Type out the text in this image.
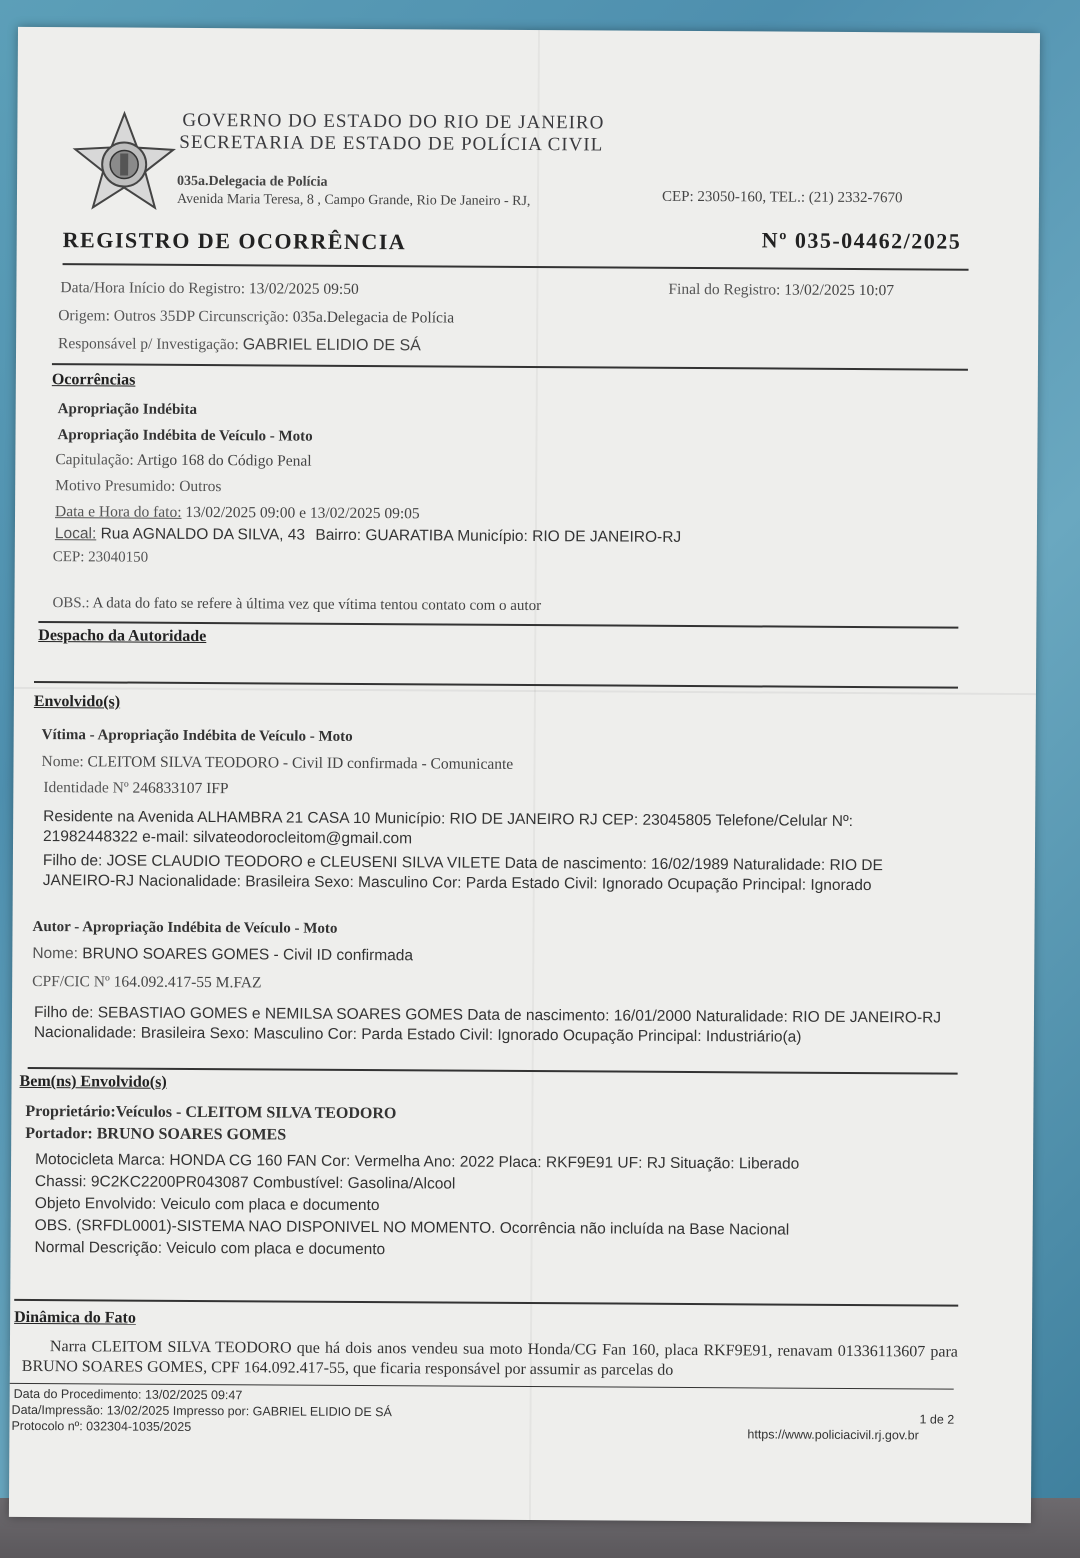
GOVERNO DO ESTADO DO RIO DE JANEIRO
SECRETARIA DE ESTADO DE POLÍCIA CIVIL
035a.Delegacia de Polícia
Avenida Maria Teresa, 8 , Campo Grande, Rio De Janeiro - RJ,	CEP: 23050-160, TEL.: (21) 2332-7670
REGISTRO DE OCORRÊNCIA	Nº 035-04462/2025
Data/Hora Início do Registro: 13/02/2025 09:50	Final do Registro: 13/02/2025 10:07
Origem: Outros 35DP Circunscrição: 035a.Delegacia de Polícia
Responsável p/ Investigação: GABRIEL ELIDIO DE SÁ
Ocorrências
Apropriação Indébita
Apropriação Indébita de Veículo - Moto
Capitulação: Artigo 168 do Código Penal
Motivo Presumido: Outros
Data e Hora do fato: 13/02/2025 09:00 e 13/02/2025 09:05
Local: Rua AGNALDO DA SILVA, 43 Bairro: GUARATIBA Município: RIO DE JANEIRO-RJ
CEP: 23040150
OBS.: A data do fato se refere à última vez que vítima tentou contato com o autor
Despacho da Autoridade
Envolvido(s)
Vítima - Apropriação Indébita de Veículo - Moto
Nome: CLEITOM SILVA TEODORO - Civil ID confirmada - Comunicante
Identidade Nº 246833107 IFP
Residente na Avenida ALHAMBRA 21 CASA 10 Município: RIO DE JANEIRO RJ CEP: 23045805 Telefone/Celular Nº: 21982448322 e-mail: silvateodorocleitom@gmail.com
Filho de: JOSE CLAUDIO TEODORO e CLEUSENI SILVA VILETE Data de nascimento: 16/02/1989 Naturalidade: RIO DE JANEIRO-RJ Nacionalidade: Brasileira Sexo: Masculino Cor: Parda Estado Civil: Ignorado Ocupação Principal: Ignorado
Autor - Apropriação Indébita de Veículo - Moto
Nome: BRUNO SOARES GOMES - Civil ID confirmada
CPF/CIC Nº 164.092.417-55 M.FAZ
Filho de: SEBASTIAO GOMES e NEMILSA SOARES GOMES Data de nascimento: 16/01/2000 Naturalidade: RIO DE JANEIRO-RJ Nacionalidade: Brasileira Sexo: Masculino Cor: Parda Estado Civil: Ignorado Ocupação Principal: Industriário(a)
Bem(ns) Envolvido(s)
Proprietário:Veículos - CLEITOM SILVA TEODORO
Portador: BRUNO SOARES GOMES
Motocicleta Marca: HONDA CG 160 FAN Cor: Vermelha Ano: 2022 Placa: RKF9E91 UF: RJ Situação: Liberado
Chassi: 9C2KC2200PR043087 Combustível: Gasolina/Alcool
Objeto Envolvido: Veiculo com placa e documento
OBS. (SRFDL0001)-SISTEMA NAO DISPONIVEL NO MOMENTO. Ocorrência não incluída na Base Nacional
Normal Descrição: Veiculo com placa e documento
Dinâmica do Fato
Narra CLEITOM SILVA TEODORO que há dois anos vendeu sua moto Honda/CG Fan 160, placa RKF9E91, renavam 01336113607 para BRUNO SOARES GOMES, CPF 164.092.417-55, que ficaria responsável por assumir as parcelas do
Data do Procedimento: 13/02/2025 09:47
Data/Impressão: 13/02/2025 Impresso por: GABRIEL ELIDIO DE SÁ
Protocolo nº: 032304-1035/2025	1 de 2
https://www.policiacivil.rj.gov.br
